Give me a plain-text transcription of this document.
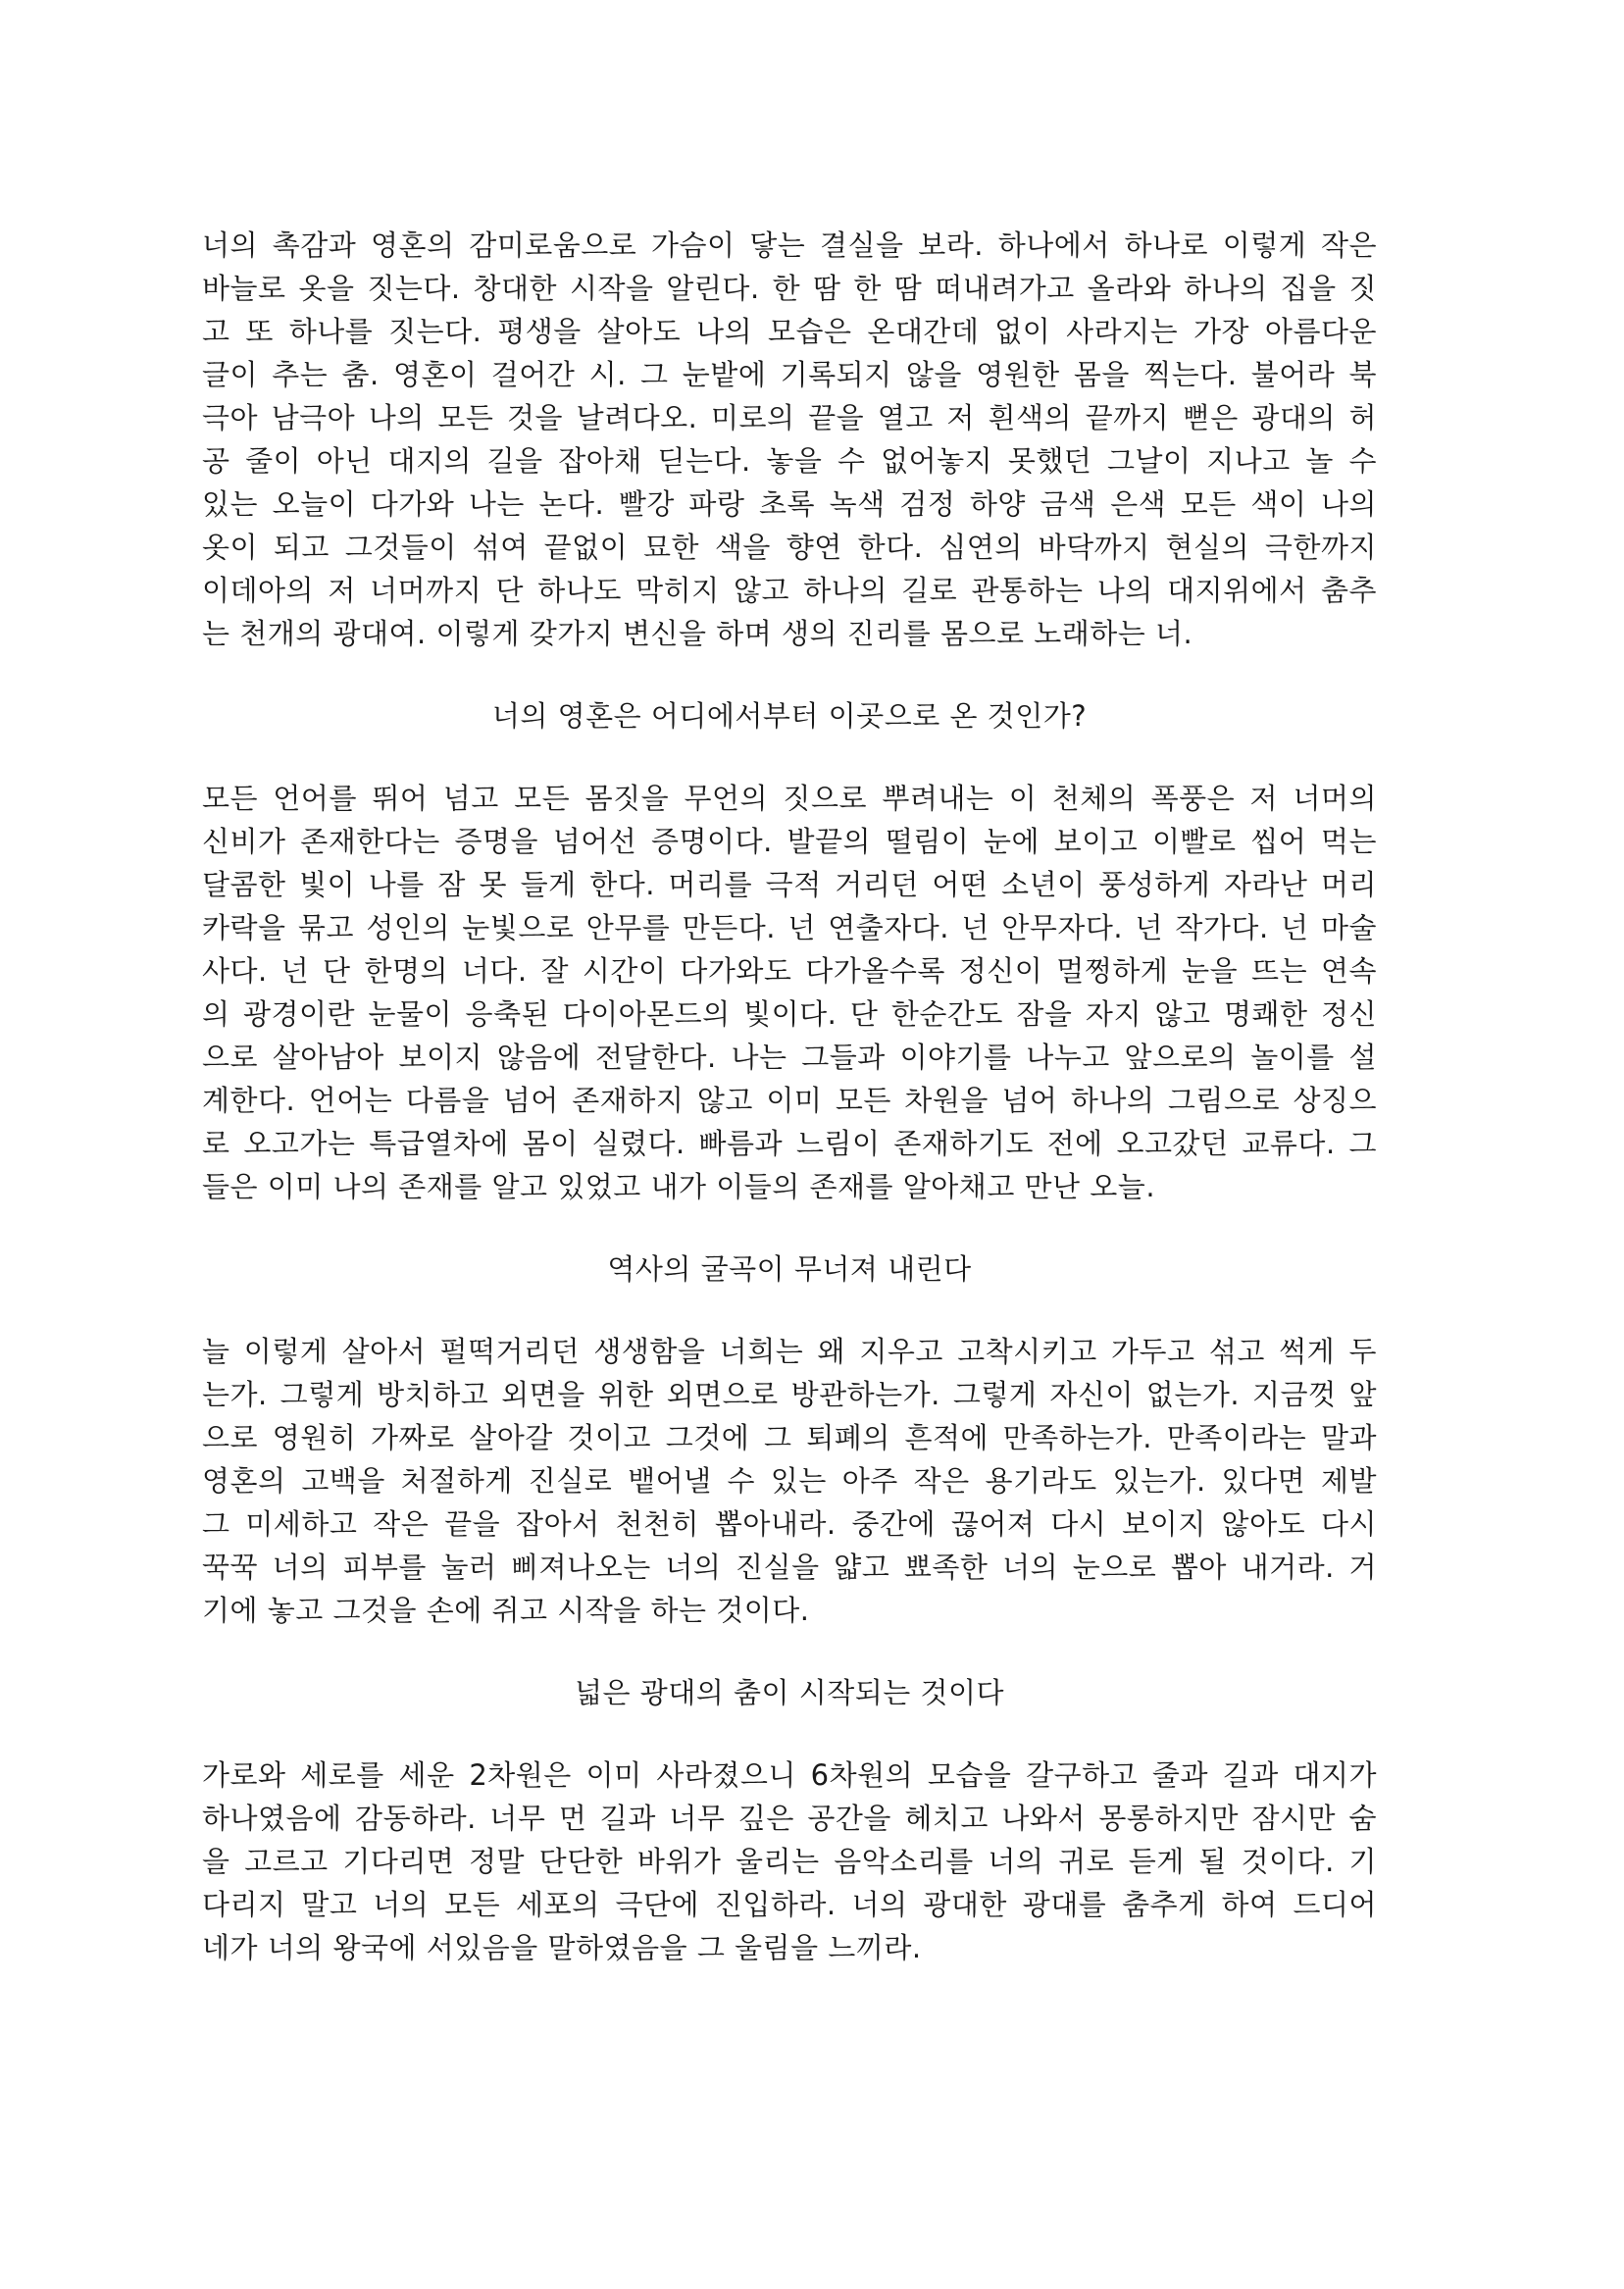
너의 촉감과 영혼의 감미로움으로 가슴이 닿는 결실을 보라. 하나에서 하나로 이렇게 작은
바늘로 옷을 짓는다. 창대한 시작을 알린다. 한 땀 한 땀 떠내려가고 올라와 하나의 집을 짓
고 또 하나를 짓는다. 평생을 살아도 나의 모습은 온대간데 없이 사라지는 가장 아름다운
글이 추는 춤. 영혼이 걸어간 시. 그 눈밭에 기록되지 않을 영원한 몸을 찍는다. 불어라 북
극아 남극아 나의 모든 것을 날려다오. 미로의 끝을 열고 저 흰색의 끝까지 뻗은 광대의 허
공 줄이 아닌 대지의 길을 잡아채 딛는다. 놓을 수 없어놓지 못했던 그날이 지나고 놀 수
있는 오늘이 다가와 나는 논다. 빨강 파랑 초록 녹색 검정 하양 금색 은색 모든 색이 나의
옷이 되고 그것들이 섞여 끝없이 묘한 색을 향연 한다. 심연의 바닥까지 현실의 극한까지
이데아의 저 너머까지 단 하나도 막히지 않고 하나의 길로 관통하는 나의 대지위에서 춤추
는 천개의 광대여. 이렇게 갖가지 변신을 하며 생의 진리를 몸으로 노래하는 너.
너의 영혼은 어디에서부터 이곳으로 온 것인가?
모든 언어를 뛰어 넘고 모든 몸짓을 무언의 짓으로 뿌려내는 이 천체의 폭풍은 저 너머의
신비가 존재한다는 증명을 넘어선 증명이다. 발끝의 떨림이 눈에 보이고 이빨로 씹어 먹는
달콤한 빛이 나를 잠 못 들게 한다. 머리를 극적 거리던 어떤 소년이 풍성하게 자라난 머리
카락을 묶고 성인의 눈빛으로 안무를 만든다. 넌 연출자다. 넌 안무자다. 넌 작가다. 넌 마술
사다. 넌 단 한명의 너다. 잘 시간이 다가와도 다가올수록 정신이 멀쩡하게 눈을 뜨는 연속
의 광경이란 눈물이 응축된 다이아몬드의 빛이다. 단 한순간도 잠을 자지 않고 명쾌한 정신
으로 살아남아 보이지 않음에 전달한다. 나는 그들과 이야기를 나누고 앞으로의 놀이를 설
계한다. 언어는 다름을 넘어 존재하지 않고 이미 모든 차원을 넘어 하나의 그림으로 상징으
로 오고가는 특급열차에 몸이 실렸다. 빠름과 느림이 존재하기도 전에 오고갔던 교류다. 그
들은 이미 나의 존재를 알고 있었고 내가 이들의 존재를 알아채고 만난 오늘.
역사의 굴곡이 무너져 내린다
늘 이렇게 살아서 펄떡거리던 생생함을 너희는 왜 지우고 고착시키고 가두고 섞고 썩게 두
는가. 그렇게 방치하고 외면을 위한 외면으로 방관하는가. 그렇게 자신이 없는가. 지금껏 앞
으로 영원히 가짜로 살아갈 것이고 그것에 그 퇴폐의 흔적에 만족하는가. 만족이라는 말과
영혼의 고백을 처절하게 진실로 뱉어낼 수 있는 아주 작은 용기라도 있는가. 있다면 제발
그 미세하고 작은 끝을 잡아서 천천히 뽑아내라. 중간에 끊어져 다시 보이지 않아도 다시
꾹꾹 너의 피부를 눌러 삐져나오는 너의 진실을 얇고 뾰족한 너의 눈으로 뽑아 내거라. 거
기에 놓고 그것을 손에 쥐고 시작을 하는 것이다.
넓은 광대의 춤이 시작되는 것이다
가로와 세로를 세운 2차원은 이미 사라졌으니 6차원의 모습을 갈구하고 줄과 길과 대지가
하나였음에 감동하라. 너무 먼 길과 너무 깊은 공간을 헤치고 나와서 몽롱하지만 잠시만 숨
을 고르고 기다리면 정말 단단한 바위가 울리는 음악소리를 너의 귀로 듣게 될 것이다. 기
다리지 말고 너의 모든 세포의 극단에 진입하라. 너의 광대한 광대를 춤추게 하여 드디어
네가 너의 왕국에 서있음을 말하였음을 그 울림을 느끼라.
